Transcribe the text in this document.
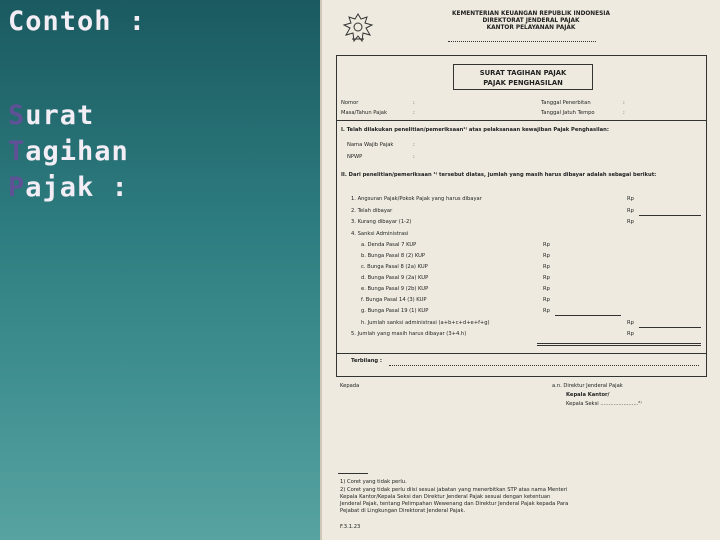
Contoh :
Surat
Tagihan
Pajak :
KEMENTERIAN KEUANGAN REPUBLIK INDONESIA
DIREKTORAT JENDERAL PAJAK
KANTOR PELAYANAN PAJAK
SURAT TAGIHAN PAJAK
PAJAK PENGHASILAN
Nomor	:
Masa/Tahun Pajak	:
Tanggal Penerbitan	:
Tanggal Jatuh Tempo	:
I. Telah dilakukan penelitian/pemeriksaan¹⁾ atas pelaksanaan kewajiban Pajak Penghasilan:
Nama Wajib Pajak	:
NPWP	:
II. Dari penelitian/pemeriksaan ¹⁾ tersebut diatas, jumlah yang masih harus dibayar adalah sebagai berikut:
1. Angsuran Pajak/Pokok Pajak yang harus dibayar	Rp
2. Telah dibayar	Rp
3. Kurang dibayar (1-2)	Rp
4. Sanksi Administrasi
a. Denda Pasal 7 KUP	Rp
b. Bunga Pasal 8 (2) KUP	Rp
c. Bunga Pasal 8 (2a) KUP	Rp
d. Bunga Pasal 9 (2a) KUP	Rp
e. Bunga Pasal 9 (2b) KUP	Rp
f. Bunga Pasal 14 (3) KUP	Rp
g. Bunga Pasal 19 (1) KUP	Rp
h. Jumlah sanksi administrasi (a+b+c+d+e+f+g)	Rp
5. Jumlah yang masih harus dibayar (3+4.h)	Rp
Terbilang :
Kepada	a.n. Direktur Jenderal Pajak
Kepala Kantor/
Kepala Seksi .......................²⁾
1) Coret yang tidak perlu.
2) Coret yang tidak perlu diisi sesuai jabatan yang menerbitkan STP atas nama Menteri
Kepala Kantor/Kepala Seksi dan Direktur Jenderal Pajak sesuai dengan ketentuan
Jenderal Pajak, tentang Pelimpahan Wewenang dan Direktur Jenderal Pajak kepada Para
Pejabat di Lingkungan Direktorat Jenderal Pajak.
F.3.1.23
